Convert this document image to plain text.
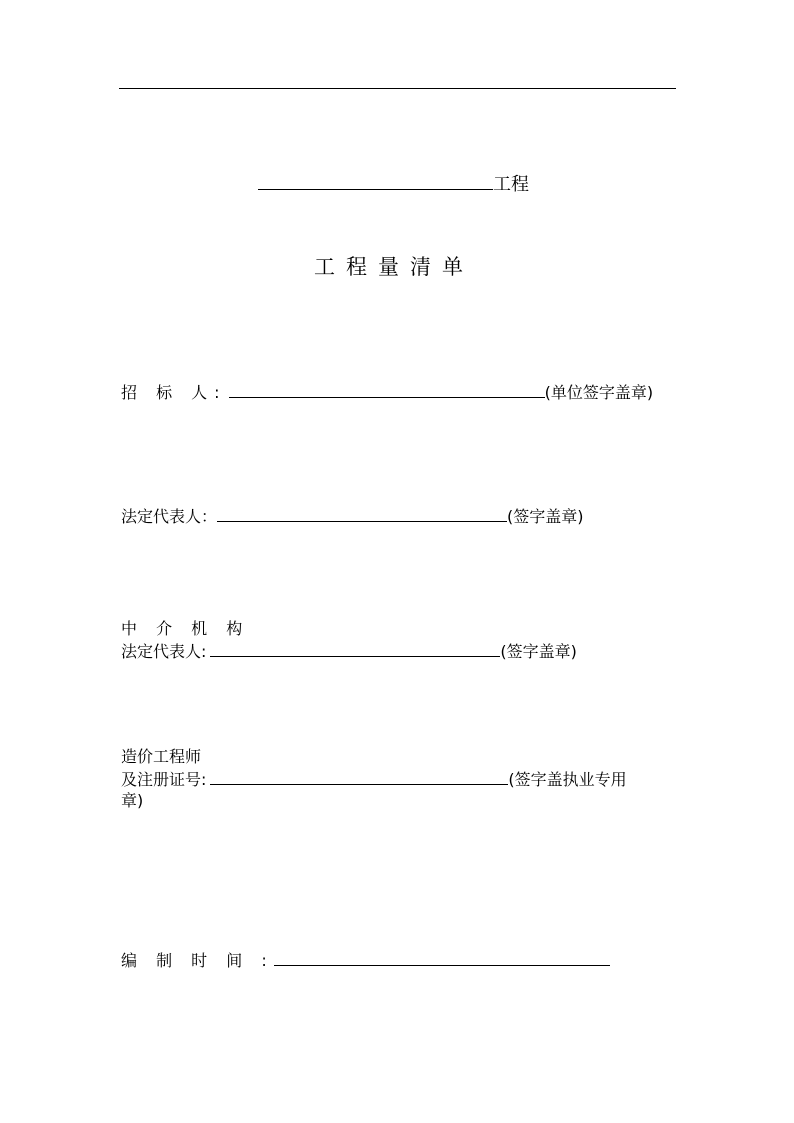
工程
工程量清单
招 标 人:	(单位签字盖章)
法定代表人：	(签字盖章)
中 介 机 构
法定代表人:	(签字盖章)
造价工程师
及注册证号:	(签字盖执业专用
章)
编 制 时 间 :
